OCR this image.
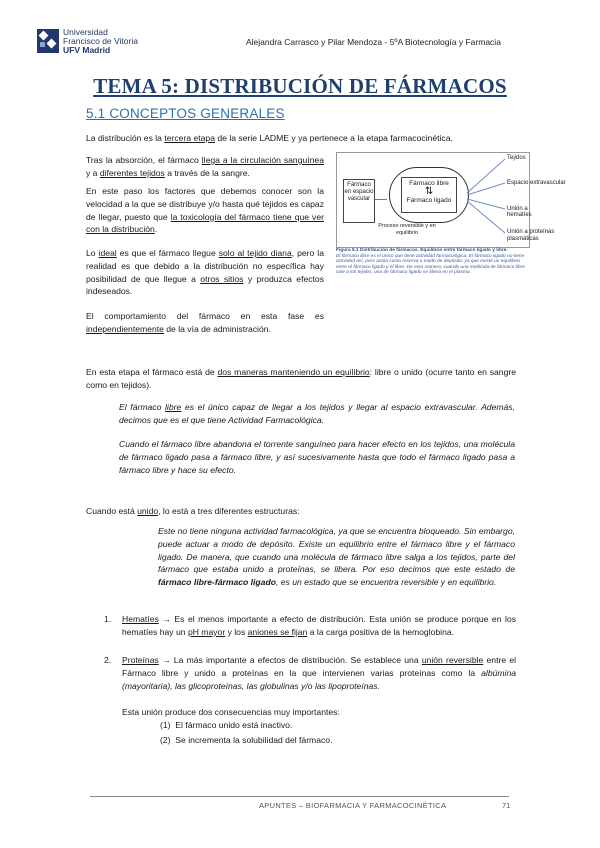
Universidad
Francisco de Vitoria
UFV Madrid
Alejandra Carrasco y Pilar Mendoza - 5ºA Biotecnología y Farmacia
TEMA 5: DISTRIBUCIÓN DE FÁRMACOS
5.1 CONCEPTOS GENERALES
La distribución es la tercera etapa de la serie LADME y ya pertenece a la etapa farmacocinética.
Tras la absorción, el fármaco llega a la circulación sanguínea y a diferentes tejidos a través de la sangre.
En este paso los factores que debemos conocer son la velocidad a la que se distribuye y/o hasta qué tejidos es capaz de llegar, puesto que la toxicología del fármaco tiene que ver con la distribución.
Lo ideal es que el fármaco llegue solo al tejido diana, pero la realidad es que debido a la distribución no específica hay posibilidad de que llegue a otros sitios y produzca efectos indeseados.
El comportamiento del fármaco en esta fase es independientemente de la vía de administración.
Fármaco en espacio vascular
Fármaco libre
⇅
Fármaco ligado
Proceso reversible y en equilibrio
Tejidos
Espacio extravascular
Unión a hematíes
Unión a proteínas plasmáticas
Figura 5.1 Distribución de fármacos. Equilibrio entre fármaco ligado y libre.
El fármaco libre es el único que tiene actividad farmacológica. El fármaco ligado no tiene actividad así, pero actúa como reserva o modo de depósito, ya que existe un equilibrio entre el fármaco ligado y el libre. De esta manera, cuando una molécula de fármaco libre sale a los tejidos, una de fármaco ligado se libera en el plasma.
En esta etapa el fármaco está de dos maneras manteniendo un equilibrio: libre o unido (ocurre tanto en sangre como en tejidos).
El fármaco libre es el único capaz de llegar a los tejidos y llegar al espacio extravascular. Además, decimos que es el que tiene Actividad Farmacológica.
Cuando el fármaco libre abandona el torrente sanguíneo para hacer efecto en los tejidos, una molécula de fármaco ligado pasa a fármaco libre, y así sucesivamente hasta que todo el fármaco ligado pasa a fármaco libre y hace su efecto.
Cuando está unido, lo está a tres diferentes estructuras:
Este no tiene ninguna actividad farmacológica, ya que se encuentra bloqueado. Sin embargo, puede actuar a modo de depósito. Existe un equilibrio entre el fármaco libre y el fármaco ligado. De manera, que cuando una molécula de fármaco libre salga a los tejidos, parte del fármaco que estaba unido a proteínas, se libera. Por eso decimos que este estado de fármaco libre-fármaco ligado, es un estado que se encuentra reversible y en equilibrio.
1. Hematíes → Es el menos importante a efecto de distribución. Esta unión se produce porque en los hematíes hay un pH mayor y los aniones se fijan a la carga positiva de la hemoglobina.
2. Proteínas → La más importante a efectos de distribución. Se establece una unión reversible entre el Fármaco libre y unido a proteínas en la que intervienen varias proteínas como la albúmina (mayoritaria), las glicoproteínas, las globulinas y/o las lipoproteínas.
Esta unión produce dos consecuencias muy importantes:
(1) El fármaco unido está inactivo.
(2) Se incrementa la solubilidad del fármaco.
APUNTES – BIOFARMACIA Y FARMACOCINÉTICA	71
